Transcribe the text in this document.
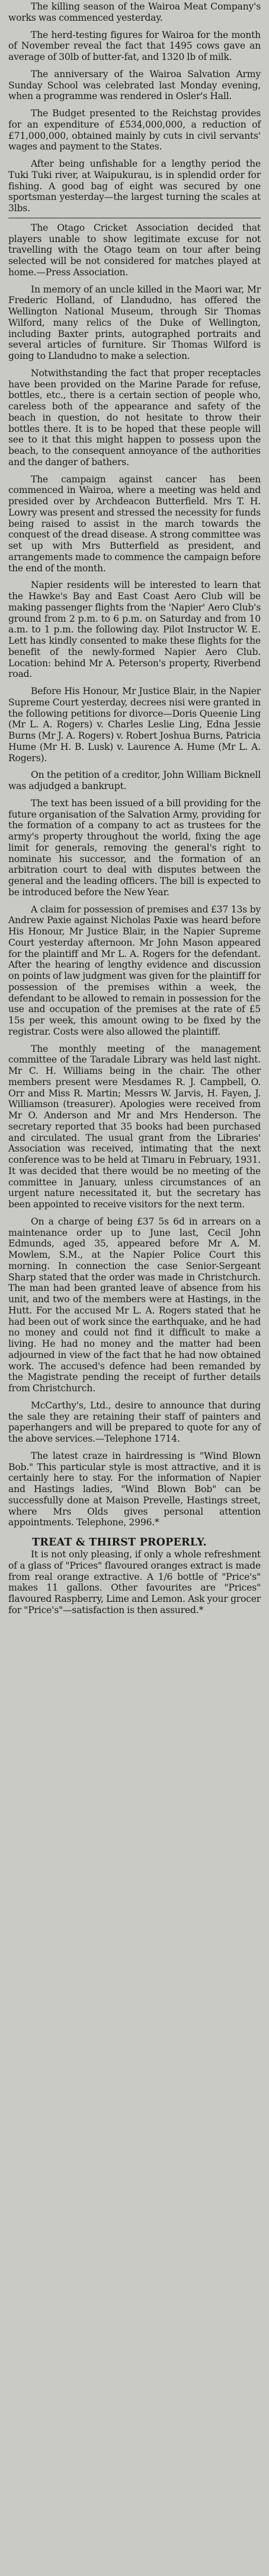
The killing season of the Wairoa Meat Company's works was commenced yesterday.

The herd-testing figures for Wairoa for the month of November reveal the fact that 1495 cows gave an average of 30lb of butter-fat, and 1320 lb of milk.

The anniversary of the Wairoa Salvation Army Sunday School was celebrated last Monday evening, when a programme was rendered in Osler's Hall.

The Budget presented to the Reichstag provides for an expenditure of £534,000,000, a reduction of £71,000,000, obtained mainly by cuts in civil servants' wages and payment to the States.

After being unfishable for a lengthy period the Tuki Tuki river, at Waipukurau, is in splendid order for fishing. A good bag of eight was secured by one sportsman yesterday—the largest turning the scales at 3lbs.

The Otago Cricket Association decided that players unable to show legitimate excuse for not travelling with the Otago team on tour after being selected will be not considered for matches played at home.—Press Association.

In memory of an uncle killed in the Maori war, Mr Frederic Holland, of Llandudno, has offered the Wellington National Museum, through Sir Thomas Wilford, many relics of the Duke of Wellington, including Baxter prints, autographed portraits and several articles of furniture. Sir Thomas Wilford is going to Llandudno to make a selection.

Notwithstanding the fact that proper receptacles have been provided on the Marine Parade for refuse, bottles, etc., there is a certain section of people who, careless both of the appearance and safety of the beach in question, do not hesitate to throw their bottles there. It is to be hoped that these people will see to it that this might happen to possess upon the beach, to the consequent annoyance of the authorities and the danger of bathers.

The campaign against cancer has been commenced in Wairoa, where a meeting was held and presided over by Archdeacon Butterfield. Mrs T. H. Lowry was present and stressed the necessity for funds being raised to assist in the march towards the conquest of the dread disease. A strong committee was set up with Mrs Butterfield as president, and arrangements made to commence the campaign before the end of the month.

Napier residents will be interested to learn that the Hawke's Bay and East Coast Aero Club will be making passenger flights from the 'Napier' Aero Club's ground from 2 p.m. to 6 p.m. on Saturday and from 10 a.m. to 1 p.m. the following day. Pilot Instructor W. E. Lett has kindly consented to make these flights for the benefit of the newly-formed Napier Aero Club. Location: behind Mr A. Peterson's property, Riverbend road.

Before His Honour, Mr Justice Blair, in the Napier Supreme Court yesterday, decrees nisi were granted in the following petitions for divorce—Doris Queenie Ling (Mr L. A. Rogers) v. Charles Leslie Ling, Edna Jessie Burns (Mr J. A. Rogers) v. Robert Joshua Burns, Patricia Hume (Mr H. B. Lusk) v. Laurence A. Hume (Mr L. A. Rogers).

On the petition of a creditor, John William Bicknell was adjudged a bankrupt.

The text has been issued of a bill providing for the future organisation of the Salvation Army, providing for the formation of a company to act as trustees for the army's property throughout the world, fixing the age limit for generals, removing the general's right to nominate his successor, and the formation of an arbitration court to deal with disputes between the general and the leading officers. The bill is expected to be introduced before the New Year.

A claim for possession of premises and £37 13s by Andrew Paxie against Nicholas Paxie was heard before His Honour, Mr Justice Blair, in the Napier Supreme Court yesterday afternoon. Mr John Mason appeared for the plaintiff and Mr L. A. Rogers for the defendant. After the hearing of lengthy evidence and discussion on points of law judgment was given for the plaintiff for possession of the premises within a week, the defendant to be allowed to remain in possession for the use and occupation of the premises at the rate of £5 15s per week, this amount owing to be fixed by the registrar. Costs were also allowed the plaintiff.

The monthly meeting of the management committee of the Taradale Library was held last night. Mr C. H. Williams being in the chair. The other members present were Mesdames R. J. Campbell, O. Orr and Miss R. Martin; Messrs W. Jarvis, H. Fayen, J. Williamson (treasurer). Apologies were received from Mr O. Anderson and Mr and Mrs Henderson. The secretary reported that 35 books had been purchased and circulated. The usual grant from the Libraries' Association was received, intimating that the next conference was to be held at Timaru in February, 1931. It was decided that there would be no meeting of the committee in January, unless circumstances of an urgent nature necessitated it, but the secretary has been appointed to receive visitors for the next term.

On a charge of being £37 5s 6d in arrears on a maintenance order up to June last, Cecil John Edmunds, aged 35, appeared before Mr A. M. Mowlem, S.M., at the Napier Police Court this morning. In connection the case Senior-Sergeant Sharp stated that the order was made in Christchurch. The man had been granted leave of absence from his unit, and two of the members were at Hastings, in the Hutt. For the accused Mr L. A. Rogers stated that he had been out of work since the earthquake, and he had no money and could not find it difficult to make a living. He had no money and the matter had been adjourned in view of the fact that he had now obtained work. The accused's defence had been remanded by the Magistrate pending the receipt of further details from Christchurch.

McCarthy's, Ltd., desire to announce that during the sale they are retaining their staff of painters and paperhangers and will be prepared to quote for any of the above services.—Telephone 1714.

The latest craze in hairdressing is "Wind Blown Bob." This particular style is most attractive, and it is certainly here to stay. For the information of Napier and Hastings ladies, "Wind Blown Bob" can be successfully done at Maison Prevelle, Hastings street, where Mrs Olds gives personal attention appointments. Telephone, 2996.*

TREAT & THIRST PROPERLY.

It is not only pleasing, if only a whole refreshment of a glass of "Prices" flavoured oranges extract is made from real orange extractive. A 1/6 bottle of "Price's" makes 11 gallons. Other favourites are "Prices" flavoured Raspberry, Lime and Lemon. Ask your grocer for "Price's"—satisfaction is then assured.*
